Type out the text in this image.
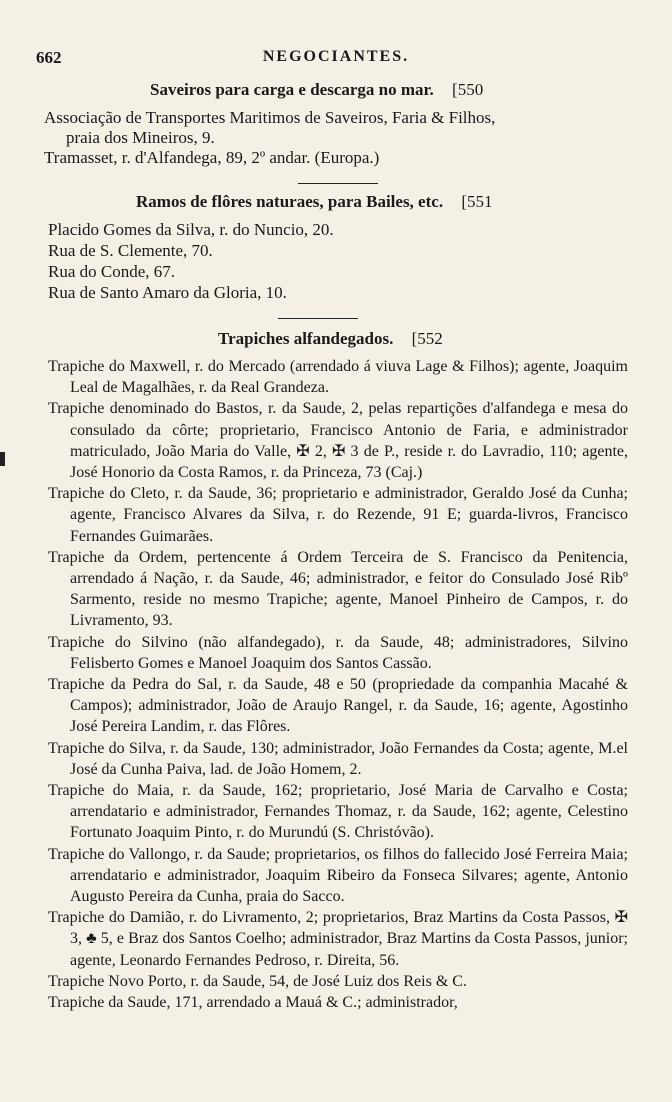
662	NEGOCIANTES.
Saveiros para carga e descarga no mar. [550
Associação de Transportes Maritimos de Saveiros, Faria & Filhos,
praia dos Mineiros, 9.
Tramasset, r. d'Alfandega, 89, 2º andar. (Europa.)
Ramos de flôres naturaes, para Bailes, etc. [551
Placido Gomes da Silva, r. do Nuncio, 20.
Rua de S. Clemente, 70.
Rua do Conde, 67.
Rua de Santo Amaro da Gloria, 10.
Trapiches alfandegados. [552

Trapiche do Maxwell, r. do Mercado (arrendado á viuva Lage & Filhos); agente, Joaquim Leal de Magalhães, r. da Real Grandeza.

Trapiche denominado do Bastos, r. da Saude, 2, pelas repartições d'alfandega e mesa do consulado da côrte; proprietario, Francisco Antonio de Faria, e administrador matriculado, João Maria do Valle, ✠ 2, ✠ 3 de P., reside r. do Lavradio, 110; agente, José Honorio da Costa Ramos, r. da Princeza, 73 (Caj.)

Trapiche do Cleto, r. da Saude, 36; proprietario e administrador, Geraldo José da Cunha; agente, Francisco Alvares da Silva, r. do Rezende, 91 E; guarda-livros, Francisco Fernandes Guimarães.

Trapiche da Ordem, pertencente á Ordem Terceira de S. Francisco da Penitencia, arrendado á Nação, r. da Saude, 46; administrador, e feitor do Consulado José Ribº Sarmento, reside no mesmo Trapiche; agente, Manoel Pinheiro de Campos, r. do Livramento, 93.

Trapiche do Silvino (não alfandegado), r. da Saude, 48; administradores, Silvino Felisberto Gomes e Manoel Joaquim dos Santos Cassão.

Trapiche da Pedra do Sal, r. da Saude, 48 e 50 (propriedade da companhia Macahé & Campos); administrador, João de Araujo Rangel, r. da Saude, 16; agente, Agostinho José Pereira Landim, r. das Flôres.

Trapiche do Silva, r. da Saude, 130; administrador, João Fernandes da Costa; agente, M.el José da Cunha Paiva, lad. de João Homem, 2.

Trapiche do Maia, r. da Saude, 162; proprietario, José Maria de Carvalho e Costa; arrendatario e administrador, Fernandes Thomaz, r. da Saude, 162; agente, Celestino Fortunato Joaquim Pinto, r. do Murundú (S. Christóvão).

Trapiche do Vallongo, r. da Saude; proprietarios, os filhos do fallecido José Ferreira Maia; arrendatario e administrador, Joaquim Ribeiro da Fonseca Silvares; agente, Antonio Augusto Pereira da Cunha, praia do Sacco.

Trapiche do Damião, r. do Livramento, 2; proprietarios, Braz Martins da Costa Passos, ✠ 3, ♣ 5, e Braz dos Santos Coelho; administrador, Braz Martins da Costa Passos, junior; agente, Leonardo Fernandes Pedroso, r. Direita, 56.

Trapiche Novo Porto, r. da Saude, 54, de José Luiz dos Reis & C.

Trapiche da Saude, 171, arrendado a Mauá & C.; administrador,
